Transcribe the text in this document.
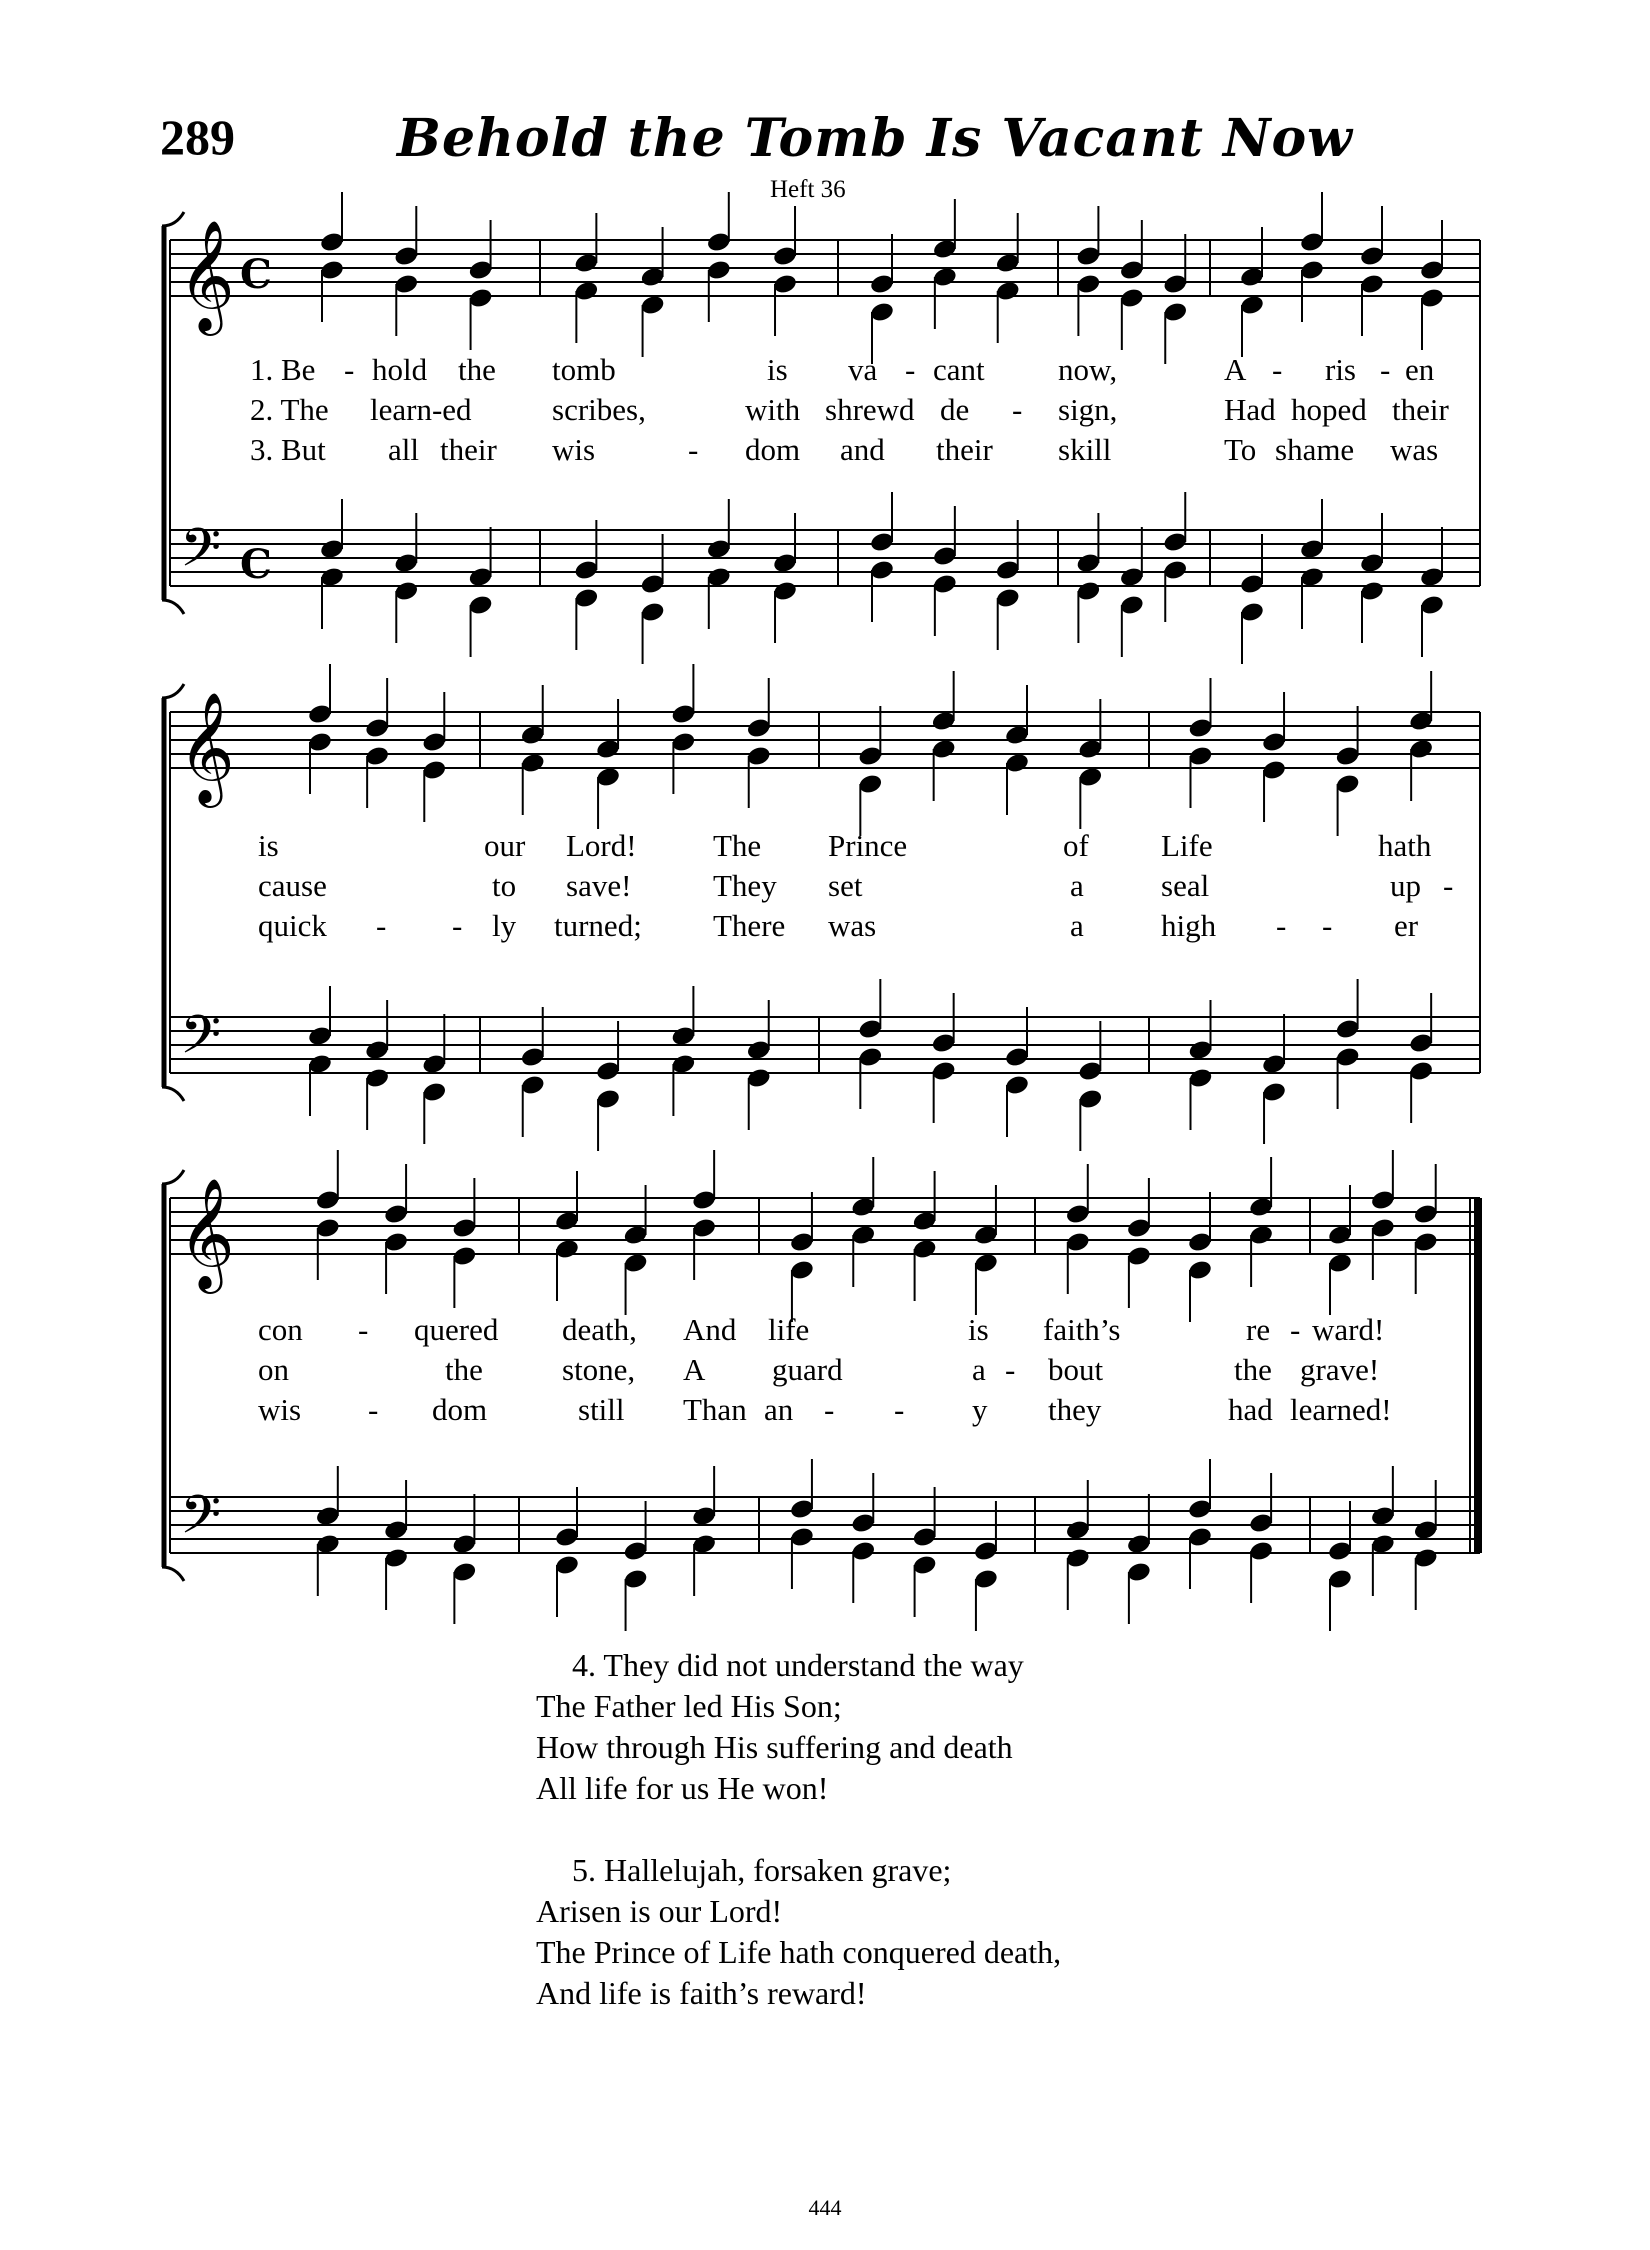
289	Behold the Tomb Is Vacant Now
Heft 36
𝄞 C
𝄢 C
𝄞
𝄢
𝄞
𝄢
1. Be - hold the tomb	is va - cant now,	A - ris - en
2. The learn-ed	scribes,	with shrewd de - sign,	Had hoped their
3. But all their wis	- dom and their skill	To shame was
is	our Lord! The Prince	of Life	hath
cause	to save!	They set	a seal	up -
quick - - ly turned; There was	a high - - er
con - quered death, And life	is faith’s	re - ward!
on	the	stone, A guard	a - bout	the grave!
wis - dom	still Than an - - y they	had learned!
4. They did not understand the way
The Father led His Son;
How through His suffering and death
All life for us He won!
5. Hallelujah, forsaken grave;
Arisen is our Lord!
The Prince of Life hath conquered death,
And life is faith’s reward!
444
